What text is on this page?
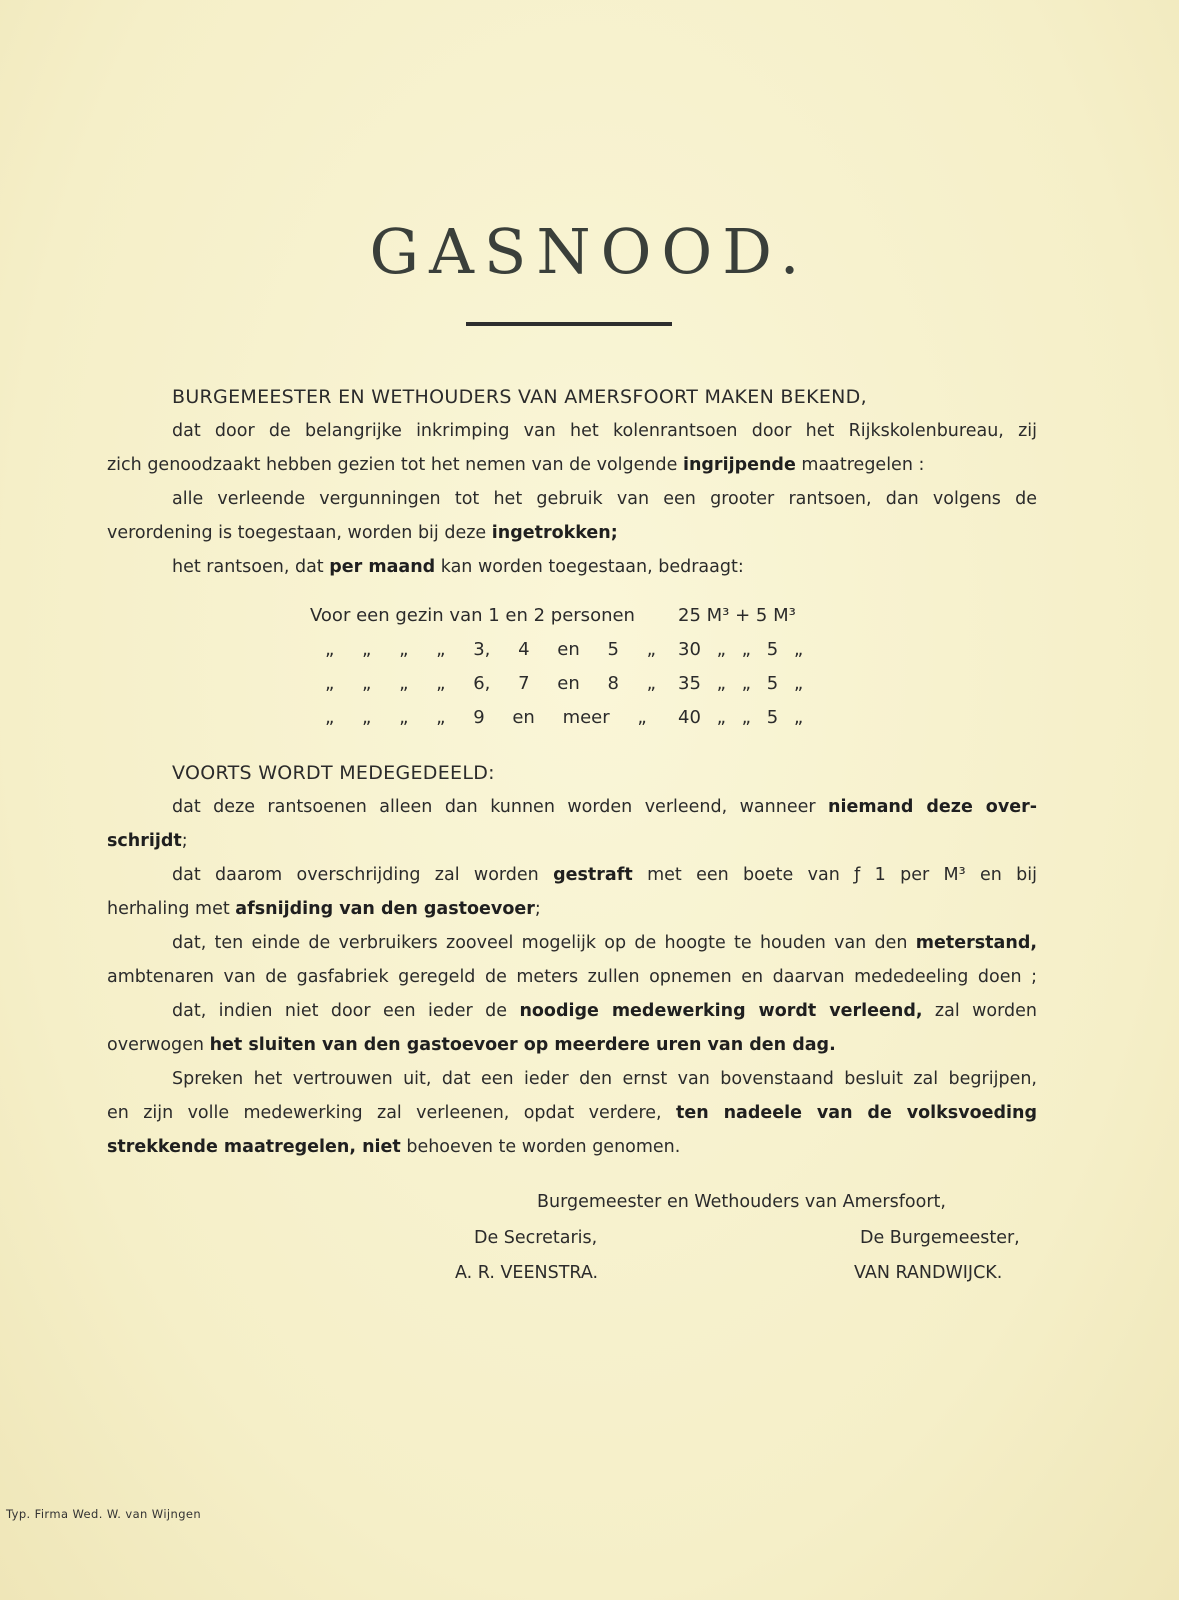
GASNOOD.
BURGEMEESTER EN WETHOUDERS VAN AMERSFOORT MAKEN BEKEND,
dat door de belangrijke inkrimping van het kolenrantsoen door het Rijkskolenbureau, zij
zich genoodzaakt hebben gezien tot het nemen van de volgende ingrijpende maatregelen :
alle verleende vergunningen tot het gebruik van een grooter rantsoen, dan volgens de
verordening is toegestaan, worden bij deze ingetrokken;
het rantsoen, dat per maand kan worden toegestaan, bedraagt:
Voor een gezin van 1 en 2 personen 25 M³ + 5 M³
„ „ „ „ 3, 4 en 5 „ 30 „ „ 5 „
„ „ „ „ 6, 7 en 8 „ 35 „ „ 5 „
„ „ „ „ 9 en meer „ 40 „ „ 5 „
VOORTS WORDT MEDEGEDEELD:
dat deze rantsoenen alleen dan kunnen worden verleend, wanneer niemand deze over-
schrijdt;
dat daarom overschrijding zal worden gestraft met een boete van ƒ 1 per M³ en bij
herhaling met afsnijding van den gastoevoer;
dat, ten einde de verbruikers zooveel mogelijk op de hoogte te houden van den meterstand,
ambtenaren van de gasfabriek geregeld de meters zullen opnemen en daarvan mededeeling doen ;
dat, indien niet door een ieder de noodige medewerking wordt verleend, zal worden
overwogen het sluiten van den gastoevoer op meerdere uren van den dag.
Spreken het vertrouwen uit, dat een ieder den ernst van bovenstaand besluit zal begrijpen,
en zijn volle medewerking zal verleenen, opdat verdere, ten nadeele van de volksvoeding
strekkende maatregelen, niet behoeven te worden genomen.
Burgemeester en Wethouders van Amersfoort,
De Secretaris,
A. R. VEENSTRA.
De Burgemeester,
VAN RANDWIJCK.
Typ. Firma Wed. W. van Wijngen
